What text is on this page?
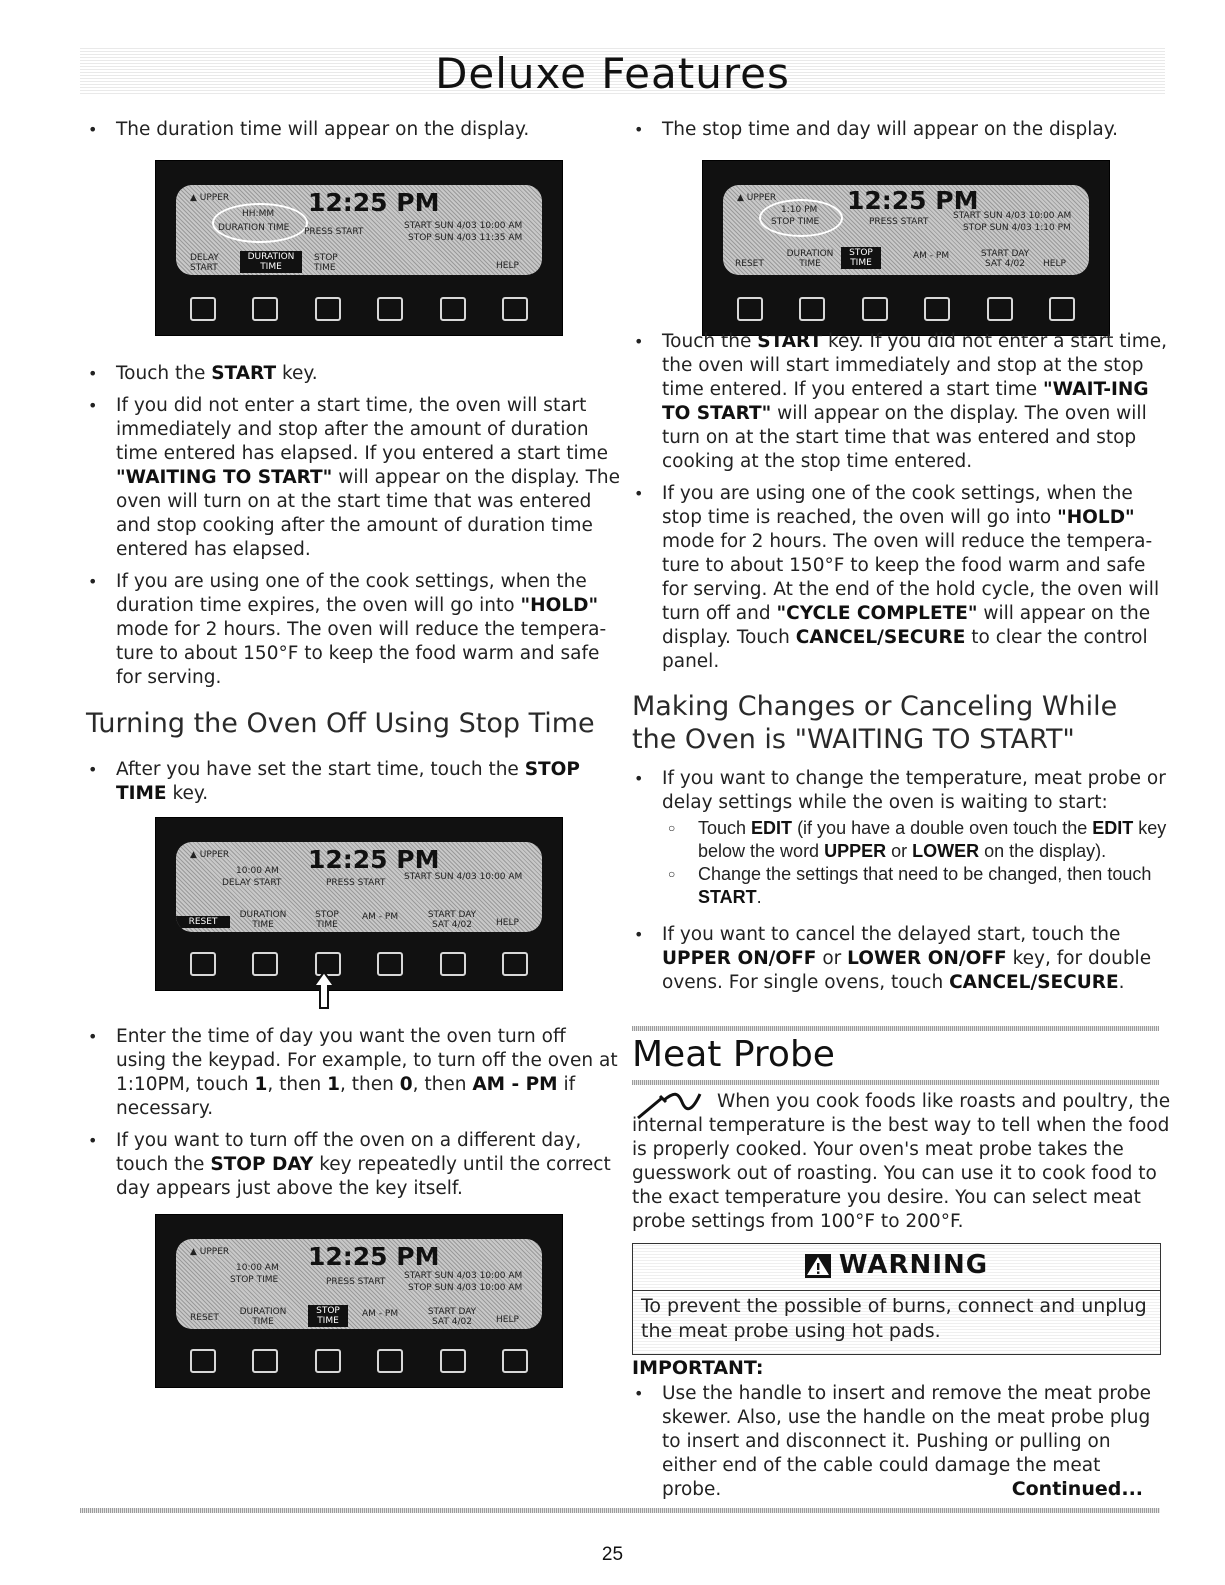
Deluxe Features
• The duration time will appear on the display.
▲ UPPER	12:25 PM
HH:MM
DURATION TIME PRESS START
START SUN 4/03 10:00 AM
STOP SUN 4/03 11:35 AM
DELAY START
DURATION TIME
STOP TIME	HELP
• Touch the START key.
• If you did not enter a start time, the oven will start immediately and stop after the amount of duration time entered has elapsed. If you entered a start time "WAITING TO START" will appear on the display. The oven will turn on at the start time that was entered and stop cooking after the amount of duration time entered has elapsed.
• If you are using one of the cook settings, when the duration time expires, the oven will go into "HOLD" mode for 2 hours. The oven will reduce the tempera-ture to about 150°F to keep the food warm and safe for serving.
Turning the Oven Off Using Stop Time
• After you have set the start time, touch the STOP TIME key.
▲ UPPER	12:25 PM
10:00 AM
DELAY START	PRESS START
START SUN 4/03 10:00 AM
RESET
DURATION TIME
STOP TIME
AM - PM	START DAY SAT 4/02	HELP
• Enter the time of day you want the oven turn off using the keypad. For example, to turn off the oven at 1:10PM, touch 1, then 1, then 0, then AM - PM if necessary.
• If you want to turn off the oven on a different day, touch the STOP DAY key repeatedly until the correct day appears just above the key itself.
▲ UPPER	12:25 PM
10:00 AM
STOP TIME	PRESS START
START SUN 4/03 10:00 AM
STOP SUN 4/03 10:00 AM
RESET
DURATION TIME
STOP TIME
AM - PM	START DAY SAT 4/02	HELP
• The stop time and day will appear on the display.
▲ UPPER	12:25 PM
1:10 PM
STOP TIME	PRESS START
START SUN 4/03 10:00 AM
STOP SUN 4/03 1:10 PM
RESET
DURATION TIME
STOP TIME
AM - PM	START DAY SAT 4/02	HELP
• Touch the START key. If you did not enter a start time, the oven will start immediately and stop at the stop time entered. If you entered a start time "WAIT-ING TO START" will appear on the display. The oven will turn on at the start time that was entered and stop cooking at the stop time entered.
• If you are using one of the cook settings, when the stop time is reached, the oven will go into "HOLD" mode for 2 hours. The oven will reduce the tempera-ture to about 150°F to keep the food warm and safe for serving. At the end of the hold cycle, the oven will turn off and "CYCLE COMPLETE" will appear on the display. Touch CANCEL/SECURE to clear the control panel.
Making Changes or Canceling While the Oven is "WAITING TO START"
• If you want to change the temperature, meat probe or delay settings while the oven is waiting to start:
○ Touch EDIT (if you have a double oven touch the EDIT key below the word UPPER or LOWER on the display).
○ Change the settings that need to be changed, then touch START.
• If you want to cancel the delayed start, touch the UPPER ON/OFF or LOWER ON/OFF key, for double ovens. For single ovens, touch CANCEL/SECURE.
Meat Probe
When you cook foods like roasts and poultry, the internal temperature is the best way to tell when the food is properly cooked. Your oven's meat probe takes the guesswork out of roasting. You can use it to cook food to the exact temperature you desire. You can select meat probe settings from 100°F to 200°F.
WARNING
To prevent the possible of burns, connect and unplug the meat probe using hot pads.
IMPORTANT:
• Use the handle to insert and remove the meat probe skewer. Also, use the handle on the meat probe plug to insert and disconnect it. Pushing or pulling on either end of the cable could damage the meat probe.	Continued...
25
